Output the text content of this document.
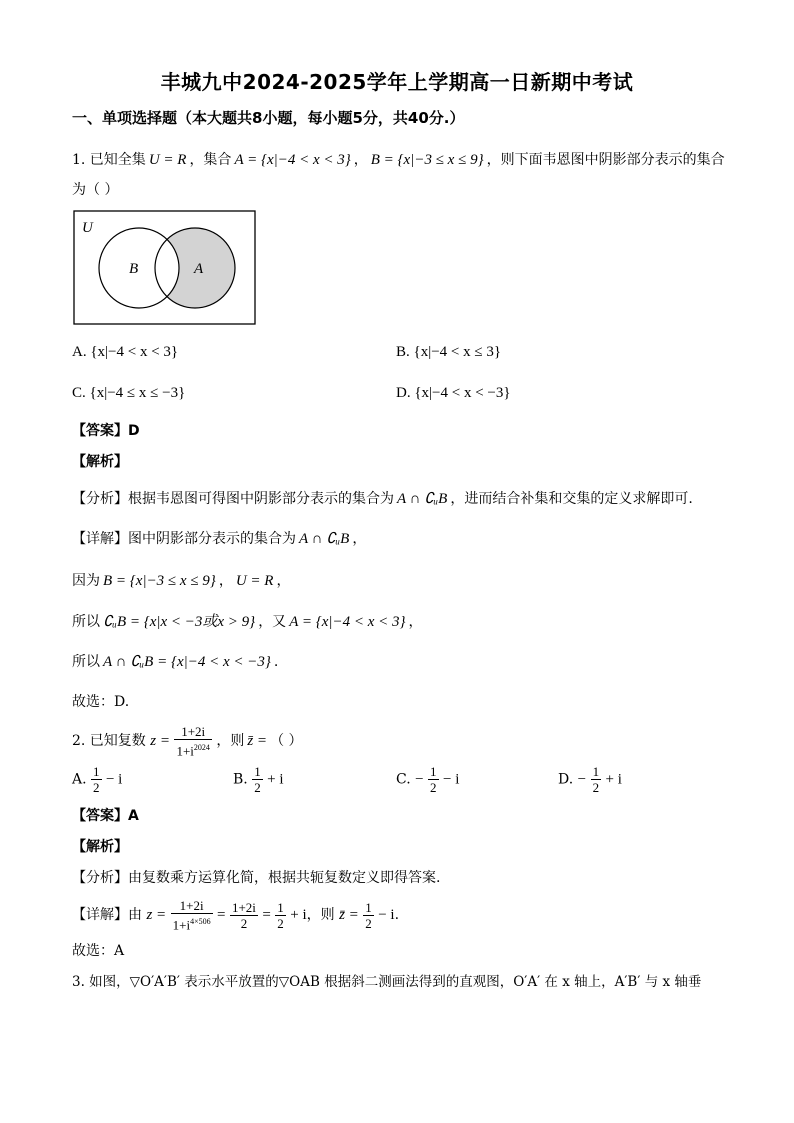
丰城九中2024-2025学年上学期高一日新期中考试
一、单项选择题（本大题共8小题，每小题5分，共40分.）
1. 已知全集 U = R ，集合 A = {x|−4 < x < 3} ， B = {x|−3 ≤ x ≤ 9} ，则下面韦恩图中阴影部分表示的集合
为（ ）
U
B	A
A. {x|−4 < x < 3}	B. {x|−4 < x ≤ 3}
C. {x|−4 ≤ x ≤ −3}	D. {x|−4 < x < −3}
【答案】D
【解析】
【分析】根据韦恩图可得图中阴影部分表示的集合为 A ∩ ∁ᵤB ，进而结合补集和交集的定义求解即可.
【详解】图中阴影部分表示的集合为 A ∩ ∁ᵤB ，
因为 B = {x|−3 ≤ x ≤ 9} ， U = R ，
所以 ∁ᵤB = {x|x < −3或x > 9} ，又 A = {x|−4 < x < 3} ，
所以 A ∩ ∁ᵤB = {x|−4 < x < −3} .
故选：D.
2. 已知复数 $z = \frac{1+2i}{1+i^{2024}}$ ，则 z̄ = （ ）
A. $\frac{1}{2} - i$	B. $\frac{1}{2} + i$	C. − $\frac{1}{2} - i$	D. − $\frac{1}{2} + i$
【答案】A
【解析】
【分析】由复数乘方运算化简，根据共轭复数定义即得答案.
【详解】由 $z = \frac{1+2i}{1+i^{4\times 506}} = \frac{1+2i}{2} = \frac{1}{2} + i$，则 z̄ = $\frac{1}{2} - i$.
故选：A
3. 如图，▽O′A′B′ 表示水平放置的▽OAB 根据斜二测画法得到的直观图，O′A′ 在 x 轴上，A′B′ 与 x 轴垂
